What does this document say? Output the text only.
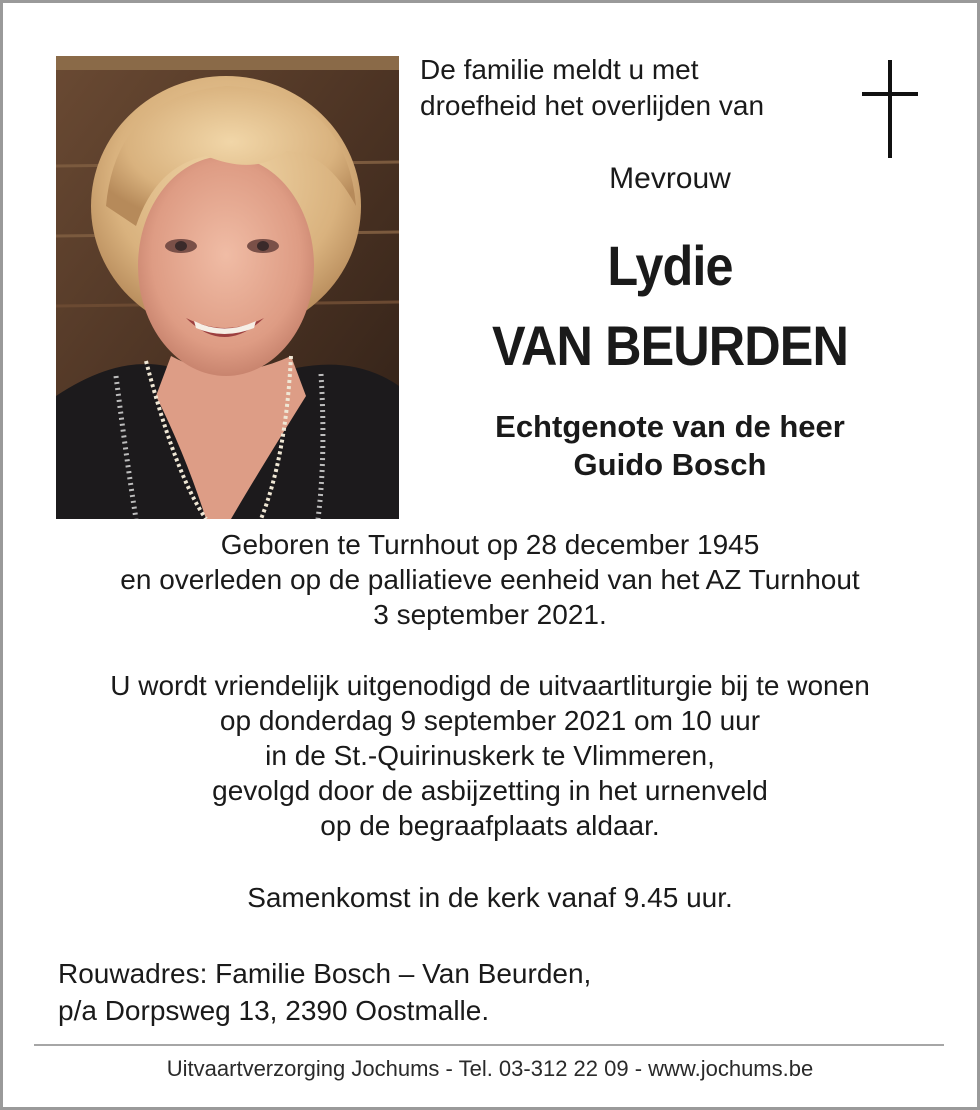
De familie meldt u met
droefheid het overlijden van
Mevrouw
Lydie
VAN BEURDEN
Echtgenote van de heer
Guido Bosch
Geboren te Turnhout op 28 december 1945
en overleden op de palliatieve eenheid van het AZ Turnhout
3 september 2021.
U wordt vriendelijk uitgenodigd de uitvaartliturgie bij te wonen
op donderdag 9 september 2021 om 10 uur
in de St.-Quirinuskerk te Vlimmeren,
gevolgd door de asbijzetting in het urnenveld
op de begraafplaats aldaar.
Samenkomst in de kerk vanaf 9.45 uur.
Rouwadres: Familie Bosch – Van Beurden,
p/a Dorpsweg 13, 2390 Oostmalle.
Uitvaartverzorging Jochums - Tel. 03-312 22 09 - www.jochums.be
